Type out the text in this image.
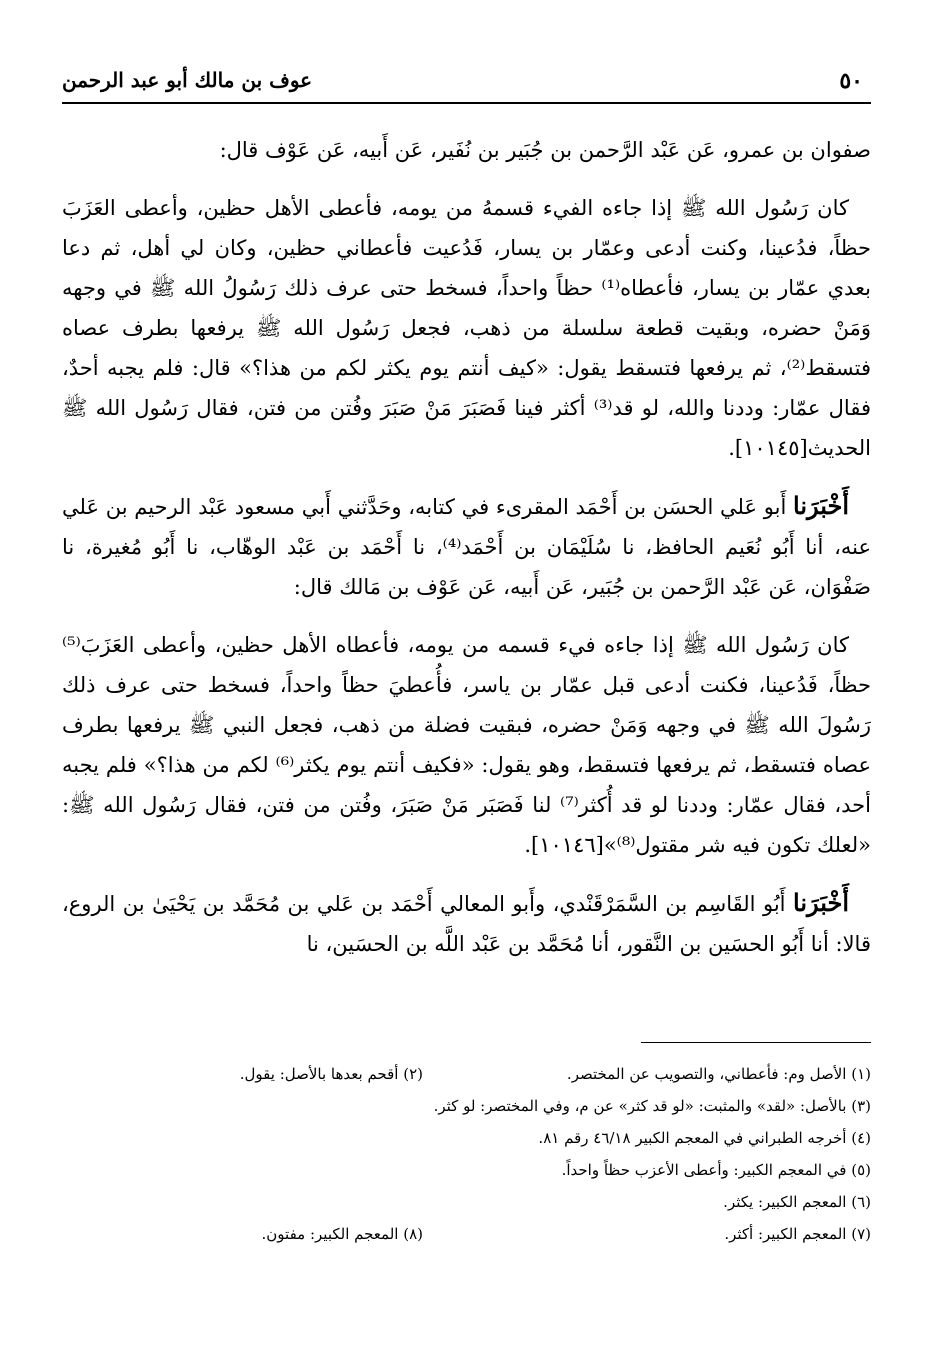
٥٠
عوف بن مالك أبو عبد الرحمن

صفوان بن عمرو، عَن عَبْد الرَّحمن بن جُبَير بن نُفَير، عَن أَبيه، عَن عَوْف قال:

كان رَسُول الله ﷺ إذا جاءه الفيء قسمهُ من يومه، فأعطى الأهل حظين، وأعطى العَزَبَ حظاً، فدُعينا، وكنت أدعى وعمّار بن يسار، فَدُعيت فأعطاني حظين، وكان لي أهل، ثم دعا بعدي عمّار بن يسار، فأعطاه⁽¹⁾ حظاً واحداً، فسخط حتى عرف ذلك رَسُولُ الله ﷺ في وجهه وَمَنْ حضره، وبقيت قطعة سلسلة من ذهب، فجعل رَسُول الله ﷺ يرفعها بطرف عصاه فتسقط⁽²⁾، ثم يرفعها فتسقط يقول: «كيف أنتم يوم يكثر لكم من هذا؟» قال: فلم يجبه أحدٌ، فقال عمّار: وددنا والله، لو قد⁽³⁾ أكثر فينا فَصَبَرَ مَنْ صَبَرَ وفُتن من فتن، فقال رَسُول الله ﷺ الحديث[١٠١٤٥].

أَخْبَرَنا أَبو عَلي الحسَن بن أَحْمَد المقرىء في كتابه، وحَدَّثني أَبي مسعود عَبْد الرحيم بن عَلي عنه، أنا أَبُو نُعَيم الحافظ، نا سُلَيْمَان بن أَحْمَد⁽⁴⁾، نا أَحْمَد بن عَبْد الوهّاب، نا أَبُو مُغيرة، نا صَفْوَان، عَن عَبْد الرَّحمن بن جُبَير، عَن أَبيه، عَن عَوْف بن مَالك قال:

كان رَسُول الله ﷺ إذا جاءه فيء قسمه من يومه، فأعطاه الأهل حظين، وأعطى العَزَبَ⁽⁵⁾ حظاً، فَدُعينا، فكنت أدعى قبل عمّار بن ياسر، فأُعطيَ حظاً واحداً، فسخط حتى عرف ذلك رَسُولَ الله ﷺ في وجهه وَمَنْ حضره، فبقيت فضلة من ذهب، فجعل النبي ﷺ يرفعها بطرف عصاه فتسقط، ثم يرفعها فتسقط، وهو يقول: «فكيف أنتم يوم يكثر⁽⁶⁾ لكم من هذا؟» فلم يجبه أحد، فقال عمّار: وددنا لو قد أُكثر⁽⁷⁾ لنا فَصَبَر مَنْ صَبَرَ، وفُتن من فتن، فقال رَسُول الله ﷺ: «لعلك تكون فيه شر مقتول⁽⁸⁾»[١٠١٤٦].

أَخْبَرَنا أَبُو القَاسِم بن السَّمَرْقَنْدي، وأَبو المعالي أَحْمَد بن عَلي بن مُحَمَّد بن يَحْيَىٰ بن الروع، قالا: أنا أَبُو الحسَين بن النَّقور، أنا مُحَمَّد بن عَبْد اللَّه بن الحسَين، نا

(١) الأصل وم: فأعطاني، والتصويب عن المختصر.
(٢) أقحم بعدها بالأصل: يقول.
(٣) بالأصل: «لقد» والمثبت: «لو قد كثر» عن م، وفي المختصر: لو كثر.
(٤) أخرجه الطبراني في المعجم الكبير ٤٦/١٨ رقم ٨١.
(٥) في المعجم الكبير: وأعطى الأعزب حظاً واحداً.
(٦) المعجم الكبير: يكثر.
(٧) المعجم الكبير: أكثر.
(٨) المعجم الكبير: مفتون.
